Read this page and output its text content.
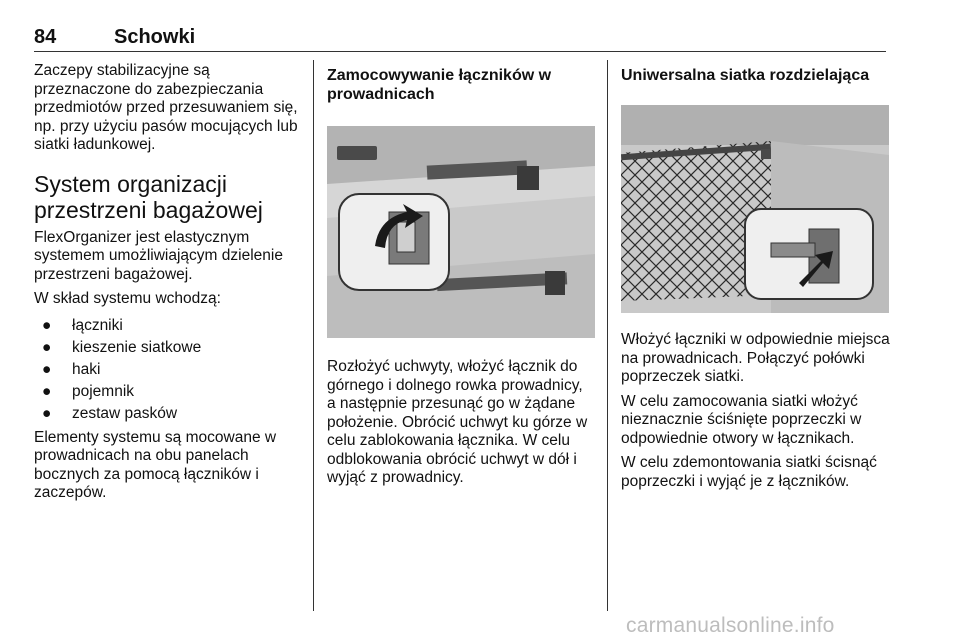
84	Schowki

Zaczepy stabilizacyjne są przeznaczone do zabezpieczania przedmiotów przed przesuwaniem się, np. przy użyciu pasów mocujących lub siatki ładunkowej.

System organizacji przestrzeni bagażowej

FlexOrganizer jest elastycznym systemem umożliwiającym dzielenie przestrzeni bagażowej.

W skład systemu wchodzą:

● łączniki
● kieszenie siatkowe
● haki
● pojemnik
● zestaw pasków

Elementy systemu są mocowane w prowadnicach na obu panelach bocznych za pomocą łączników i zaczepów.

Zamocowywanie łączników w prowadnicach

Rozłożyć uchwyty, włożyć łącznik do górnego i dolnego rowka prowadnicy, a następnie przesunąć go w żądane położenie. Obrócić uchwyt ku górze w celu zablokowania łącznika. W celu odblokowania obrócić uchwyt w dół i wyjąć z prowadnicy.

Uniwersalna siatka rozdzielająca

Włożyć łączniki w odpowiednie miejsca na prowadnicach. Połączyć połówki poprzeczek siatki.

W celu zamocowania siatki włożyć nieznacznie ściśnięte poprzeczki w odpowiednie otwory w łącznikach.

W celu zdemontowania siatki ścisnąć poprzeczki i wyjąć je z łączników.

carmanualsonline.info
